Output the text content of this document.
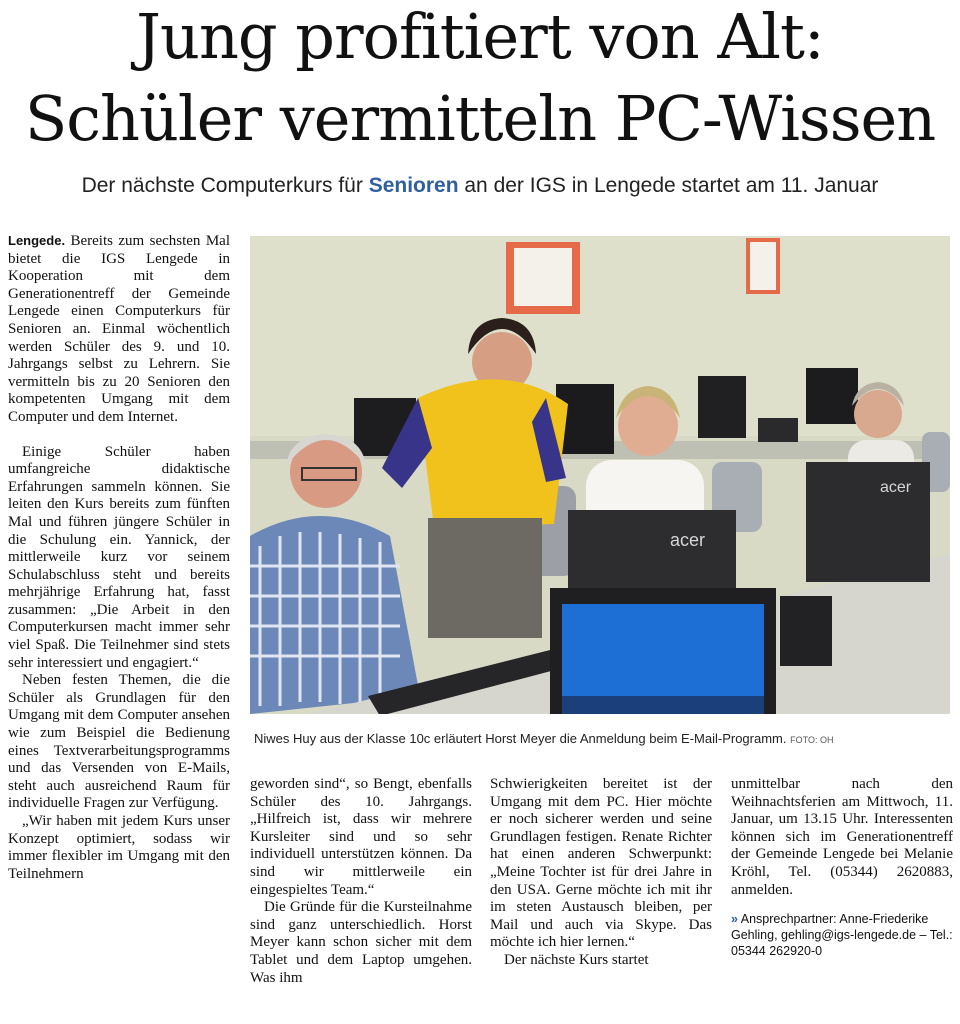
Jung profitiert von Alt:
Schüler vermitteln PC-Wissen
Der nächste Computerkurs für Senioren an der IGS in Lengede startet am 11. Januar

Lengede. Bereits zum sechsten Mal bietet die IGS Lengede in Kooperation mit dem Generationentreff der Gemeinde Lengede einen Computerkurs für Senioren an. Einmal wöchentlich werden Schüler des 9. und 10. Jahrgangs selbst zu Lehrern. Sie vermitteln bis zu 20 Senioren den kompetenten Umgang mit dem Computer und dem Internet.

Einige Schüler haben umfangreiche didaktische Erfahrungen sammeln können. Sie leiten den Kurs bereits zum fünften Mal und führen jüngere Schüler in die Schulung ein. Yannick, der mittlerweile kurz vor seinem Schulabschluss steht und bereits mehrjährige Erfahrung hat, fasst zusammen: „Die Arbeit in den Computerkursen macht immer sehr viel Spaß. Die Teilnehmer sind stets sehr interessiert und engagiert.“

Neben festen Themen, die die Schüler als Grundlagen für den Umgang mit dem Computer ansehen wie zum Beispiel die Bedienung eines Textverarbeitungsprogramms und das Versenden von E-Mails, steht auch ausreichend Raum für individuelle Fragen zur Verfügung.

„Wir haben mit jedem Kurs unser Konzept optimiert, sodass wir immer flexibler im Umgang mit den Teilnehmern

acer
acer
Niwes Huy aus der Klasse 10c erläutert Horst Meyer die Anmeldung beim E-Mail-Programm. FOTO: OH

geworden sind“, so Bengt, ebenfalls Schüler des 10. Jahrgangs. „Hilfreich ist, dass wir mehrere Kursleiter sind und so sehr individuell unterstützen können. Da sind wir mittlerweile ein eingespieltes Team.“

Die Gründe für die Kursteilnahme sind ganz unterschiedlich. Horst Meyer kann schon sicher mit dem Tablet und dem Laptop umgehen. Was ihm

Schwierigkeiten bereitet ist der Umgang mit dem PC. Hier möchte er noch sicherer werden und seine Grundlagen festigen. Renate Richter hat einen anderen Schwerpunkt: „Meine Tochter ist für drei Jahre in den USA. Gerne möchte ich mit ihr im steten Austausch bleiben, per Mail und auch via Skype. Das möchte ich hier lernen.“

Der nächste Kurs startet

unmittelbar nach den Weihnachtsferien am Mittwoch, 11. Januar, um 13.15 Uhr. Interessenten können sich im Generationentreff der Gemeinde Lengede bei Melanie Kröhl, Tel. (05344) 2620883, anmelden.

» Ansprechpartner: Anne-Friederike Gehling, gehling@igs-lengede.de – Tel.: 05344 262920-0
